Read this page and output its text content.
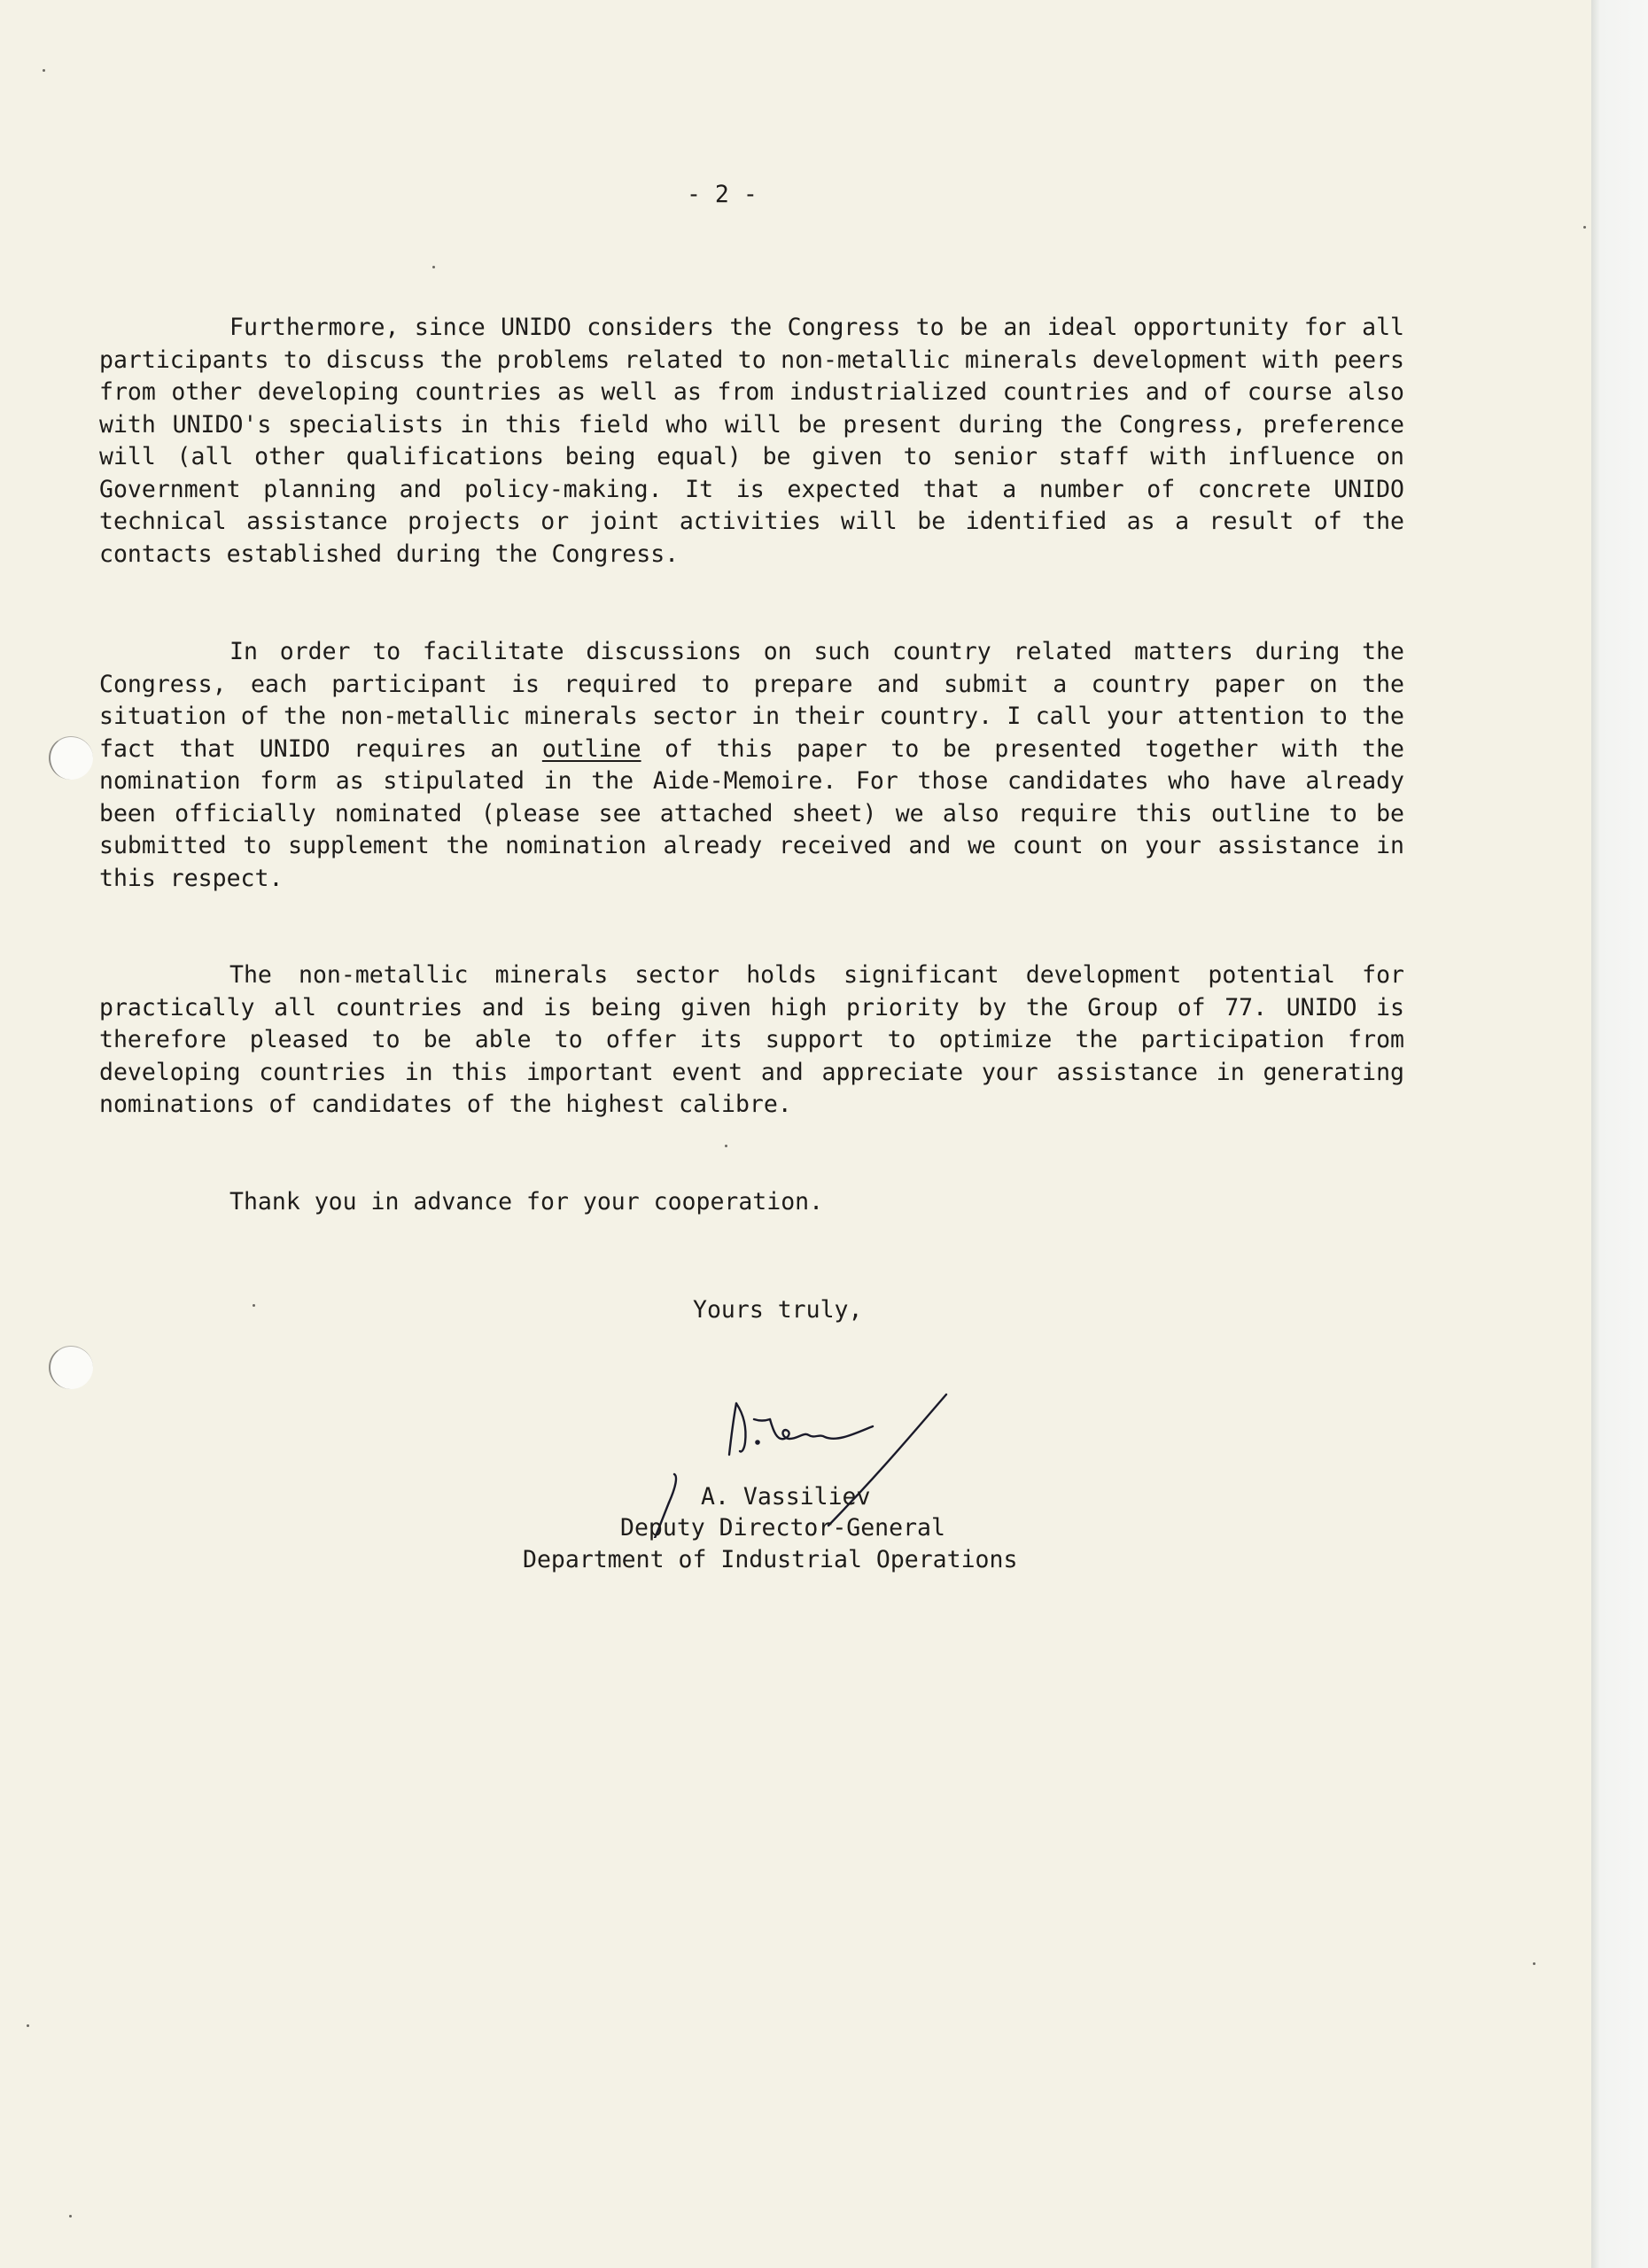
- 2 -

Furthermore, since UNIDO considers the Congress to be an ideal opportunity for all participants to discuss the problems related to non-metallic minerals development with peers from other developing countries as well as from industrialized countries and of course also with UNIDO's specialists in this field who will be present during the Congress, preference will (all other qualifications being equal) be given to senior staff with influence on Government planning and policy-making. It is expected that a number of concrete UNIDO technical assistance projects or joint activities will be identified as a result of the contacts established during the Congress.

In order to facilitate discussions on such country related matters during the Congress, each participant is required to prepare and submit a country paper on the situation of the non-metallic minerals sector in their country. I call your attention to the fact that UNIDO requires an outline of this paper to be presented together with the nomination form as stipulated in the Aide-Memoire. For those candidates who have already been officially nominated (please see attached sheet) we also require this outline to be submitted to supplement the nomination already received and we count on your assistance in this respect.

The non-metallic minerals sector holds significant development potential for practically all countries and is being given high priority by the Group of 77. UNIDO is therefore pleased to be able to offer its support to optimize the participation from developing countries in this important event and appreciate your assistance in generating nominations of candidates of the highest calibre.

Thank you in advance for your cooperation.

Yours truly,
A. Vassiliev
Deputy Director-General
Department of Industrial Operations
